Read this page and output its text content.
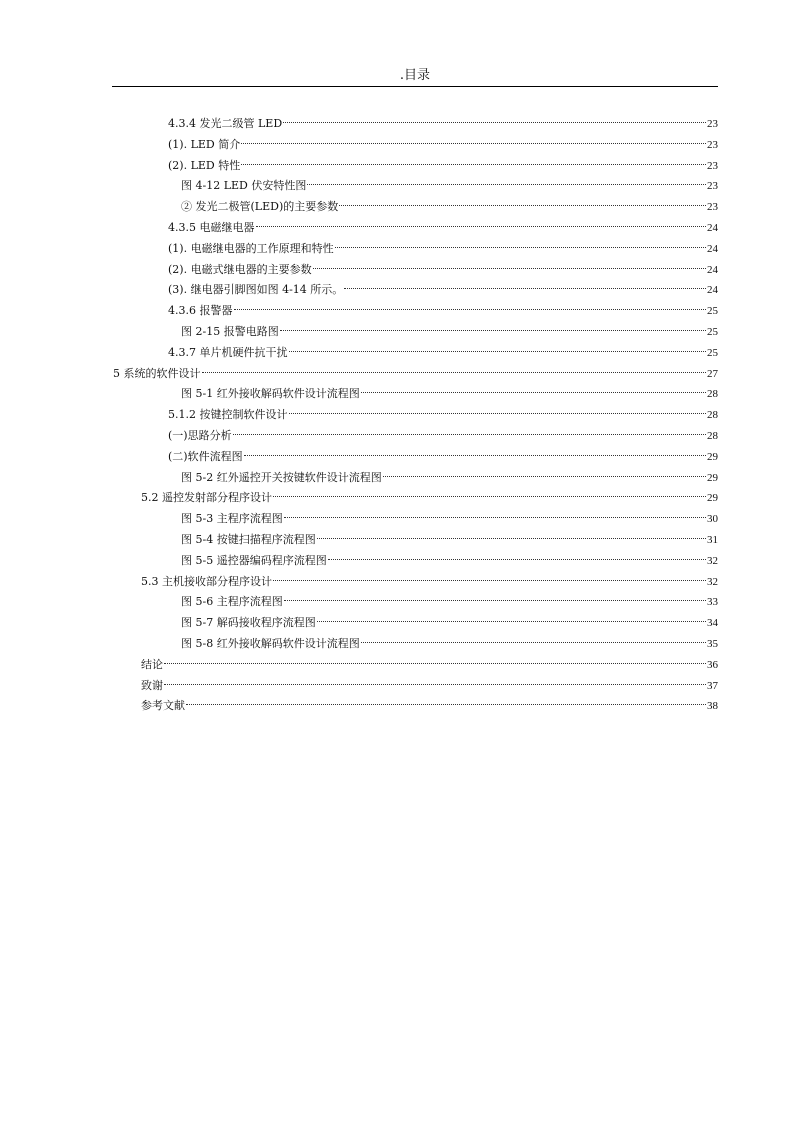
.目录
4.3.4 发光二级管 LED	23
(1). LED 简介	23
(2). LED 特性	23
图 4-12 LED 伏安特性图	23
② 发光二极管(LED)的主要参数	23
4.3.5 电磁继电器	24
(1). 电磁继电器的工作原理和特性	24
(2). 电磁式继电器的主要参数	24
(3). 继电器引脚图如图 4-14 所示。	24
4.3.6 报警器	25
图 2-15 报警电路图	25
4.3.7 单片机硬件抗干扰	25
5 系统的软件设计	27
图 5-1 红外接收解码软件设计流程图	28
5.1.2 按键控制软件设计	28
(一)思路分析	28
(二)软件流程图	29
图 5-2 红外遥控开关按键软件设计流程图	29
5.2 遥控发射部分程序设计	29
图 5-3 主程序流程图	30
图 5-4 按键扫描程序流程图	31
图 5-5 遥控器编码程序流程图	32
5.3 主机接收部分程序设计	32
图 5-6 主程序流程图	33
图 5-7 解码接收程序流程图	34
图 5-8 红外接收解码软件设计流程图	35
结论	36
致谢	37
参考文献	38
